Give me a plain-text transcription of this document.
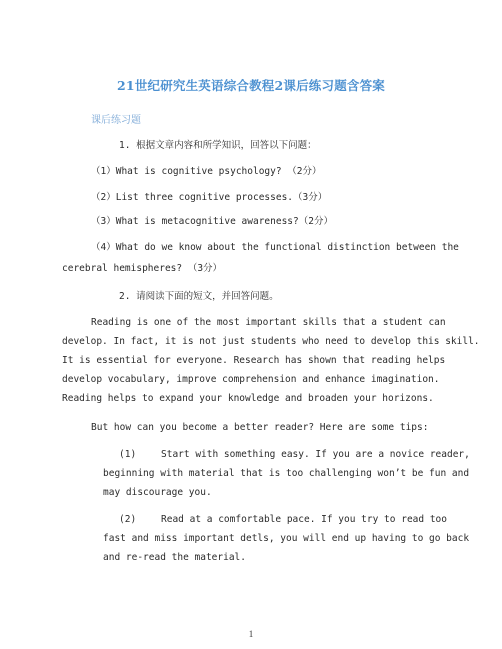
21世纪研究生英语综合教程2课后练习题含答案
课后练习题
1. 根据文章内容和所学知识，回答以下问题：
（1）What is cognitive psychology? （2分）
（2）List three cognitive processes.（3分）
（3）What is metacognitive awareness?（2分）
（4）What do we know about the functional distinction between the
cerebral hemispheres? （3分）
2. 请阅读下面的短文，并回答问题。
Reading is one of the most important skills that a student can
develop. In fact, it is not just students who need to develop this skill.
It is essential for everyone. Research has shown that reading helps
develop vocabulary, improve comprehension and enhance imagination.
Reading helps to expand your knowledge and broaden your horizons.
But how can you become a better reader? Here are some tips:
(1)	Start with something easy. If you are a novice reader,
beginning with material that is too challenging won’t be fun and
may discourage you.
(2)	Read at a comfortable pace. If you try to read too
fast and miss important detls, you will end up having to go back
and re-read the material.
1
